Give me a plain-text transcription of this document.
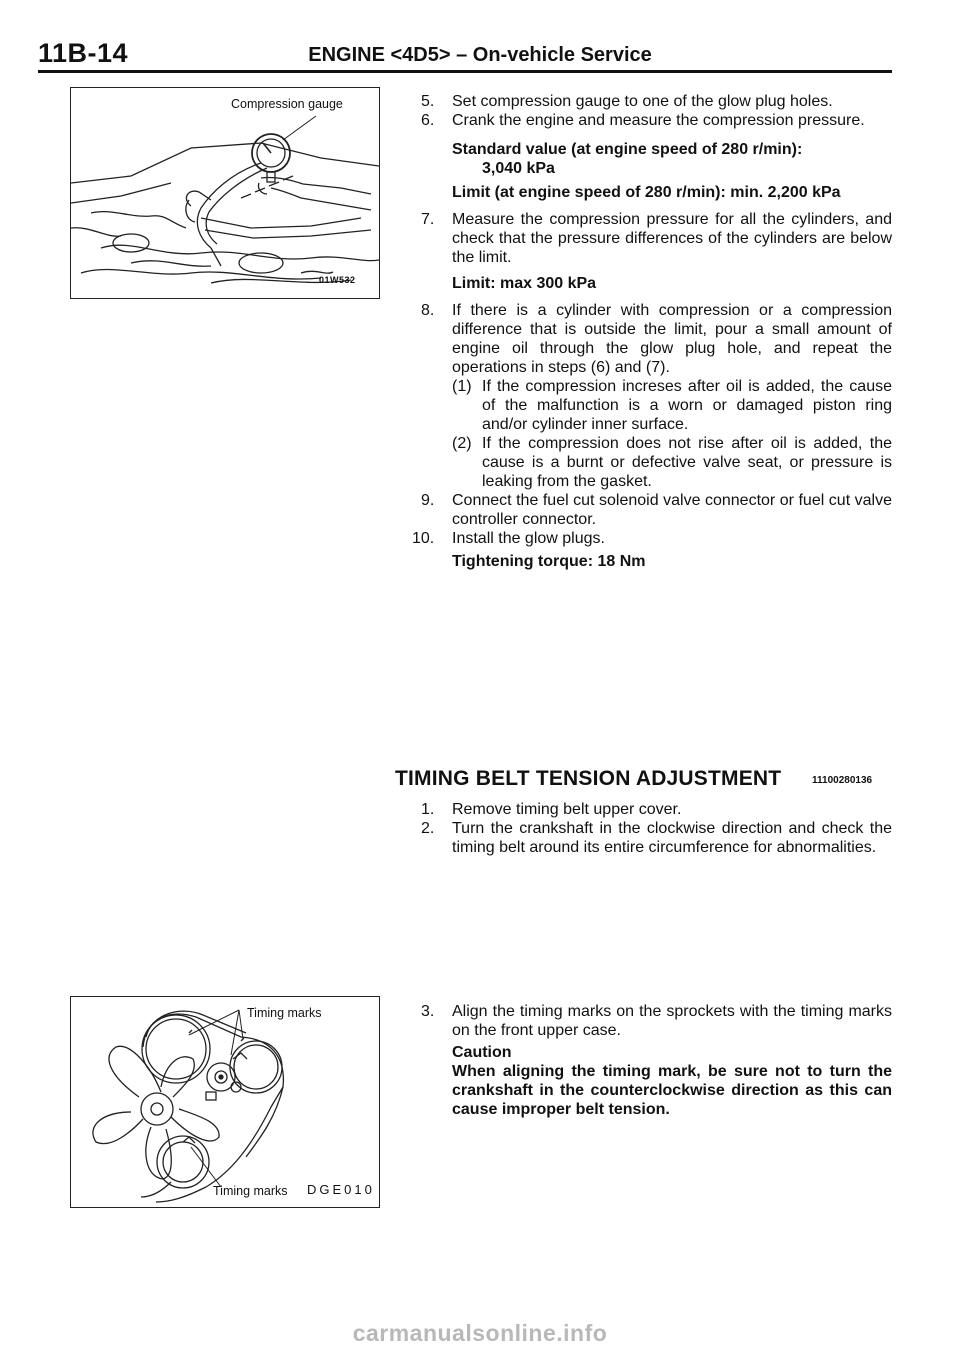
11B-14	ENGINE <4D5> – On-vehicle Service
Compression gauge
01W532
5. Set compression gauge to one of the glow plug holes.
6. Crank the engine and measure the compression pressure.
Standard value (at engine speed of 280 r/min):
3,040 kPa
Limit (at engine speed of 280 r/min): min. 2,200 kPa
7. Measure the compression pressure for all the cylinders, and check that the pressure differences of the cylinders are below the limit.
Limit: max 300 kPa
8. If there is a cylinder with compression or a compression difference that is outside the limit, pour a small amount of engine oil through the glow plug hole, and repeat the operations in steps (6) and (7).
(1) If the compression increses after oil is added, the cause of the malfunction is a worn or damaged piston ring and/or cylinder inner surface.
(2) If the compression does not rise after oil is added, the cause is a burnt or defective valve seat, or pressure is leaking from the gasket.
9. Connect the fuel cut solenoid valve connector or fuel cut valve controller connector.
10. Install the glow plugs.
Tightening torque: 18 Nm
TIMING BELT TENSION ADJUSTMENT	11100280136
1. Remove timing belt upper cover.
2. Turn the crankshaft in the clockwise direction and check the timing belt around its entire circumference for abnormalities.
Timing marks
Timing marks DGE010
3. Align the timing marks on the sprockets with the timing marks on the front upper case.
Caution
When aligning the timing mark, be sure not to turn the crankshaft in the counterclockwise direction as this can cause improper belt tension.
carmanualsonline.info
